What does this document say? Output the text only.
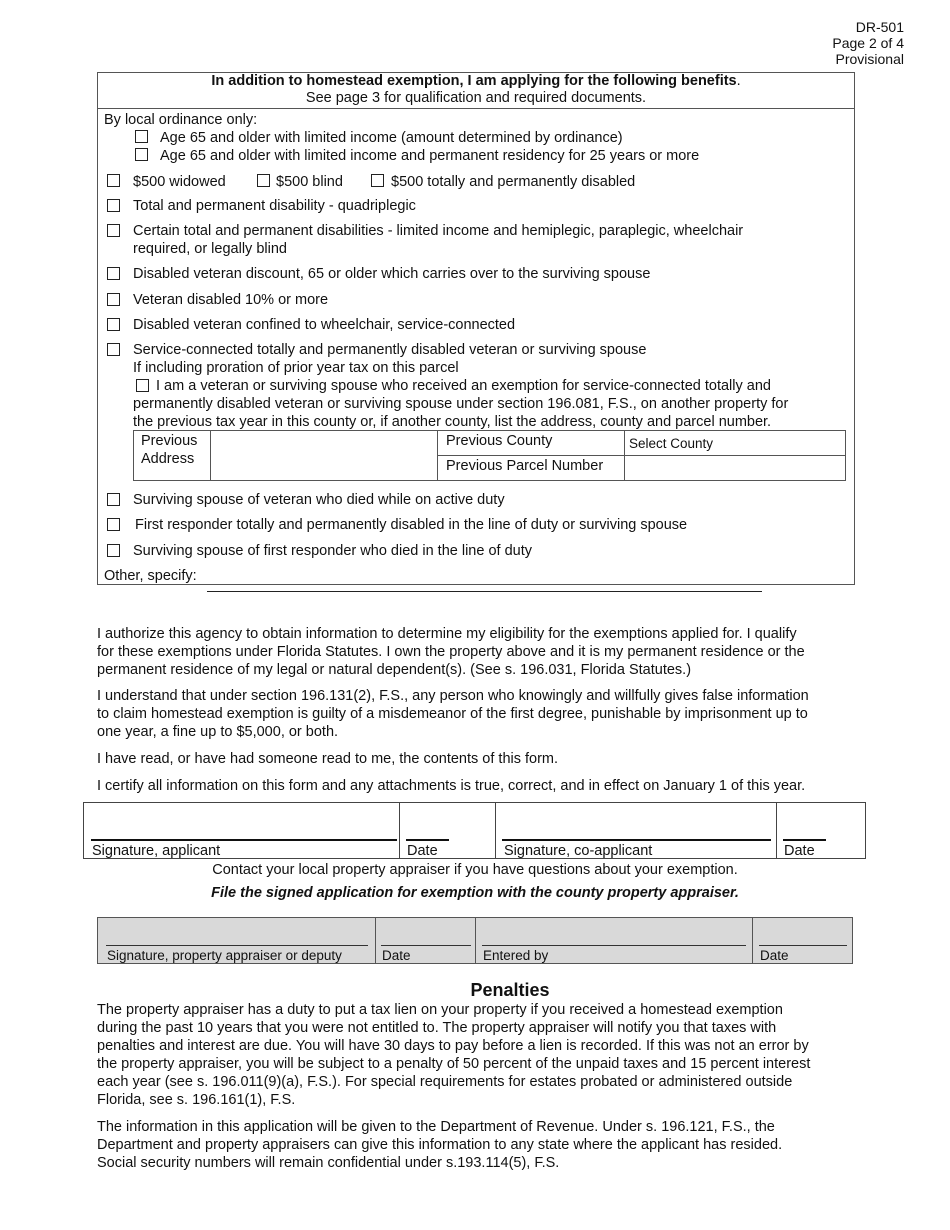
DR-501
Page 2 of 4
Provisional
In addition to homestead exemption, I am applying for the following benefits.
See page 3 for qualification and required documents.
By local ordinance only:
Age 65 and older with limited income (amount determined by ordinance)
Age 65 and older with limited income and permanent residency for 25 years or more
$500 widowed	$500 blind	$500 totally and permanently disabled
Total and permanent disability - quadriplegic
Certain total and permanent disabilities - limited income and hemiplegic, paraplegic, wheelchair
required, or legally blind
Disabled veteran discount, 65 or older which carries over to the surviving spouse
Veteran disabled 10% or more
Disabled veteran confined to wheelchair, service-connected
Service-connected totally and permanently disabled veteran or surviving spouse
If including proration of prior year tax on this parcel
I am a veteran or surviving spouse who received an exemption for service-connected totally and
permanently disabled veteran or surviving spouse under section 196.081, F.S., on another property for
the previous tax year in this county or, if another county, list the address, county and parcel number.
Previous
Address
Previous County	Select County
Previous Parcel Number
Surviving spouse of veteran who died while on active duty
First responder totally and permanently disabled in the line of duty or surviving spouse
Surviving spouse of first responder who died in the line of duty
Other, specify:
I authorize this agency to obtain information to determine my eligibility for the exemptions applied for. I qualify
for these exemptions under Florida Statutes. I own the property above and it is my permanent residence or the
permanent residence of my legal or natural dependent(s). (See s. 196.031, Florida Statutes.)
I understand that under section 196.131(2), F.S., any person who knowingly and willfully gives false information
to claim homestead exemption is guilty of a misdemeanor of the first degree, punishable by imprisonment up to
one year, a fine up to $5,000, or both.
I have read, or have had someone read to me, the contents of this form.
I certify all information on this form and any attachments is true, correct, and in effect on January 1 of this year.
Signature, applicant	Date	Signature, co-applicant	Date
Contact your local property appraiser if you have questions about your exemption.
File the signed application for exemption with the county property appraiser.
Signature, property appraiser or deputy	Date	Entered by	Date
Penalties
The property appraiser has a duty to put a tax lien on your property if you received a homestead exemption
during the past 10 years that you were not entitled to. The property appraiser will notify you that taxes with
penalties and interest are due. You will have 30 days to pay before a lien is recorded. If this was not an error by
the property appraiser, you will be subject to a penalty of 50 percent of the unpaid taxes and 15 percent interest
each year (see s. 196.011(9)(a), F.S.). For special requirements for estates probated or administered outside
Florida, see s. 196.161(1), F.S.
The information in this application will be given to the Department of Revenue. Under s. 196.121, F.S., the
Department and property appraisers can give this information to any state where the applicant has resided.
Social security numbers will remain confidential under s.193.114(5), F.S.
